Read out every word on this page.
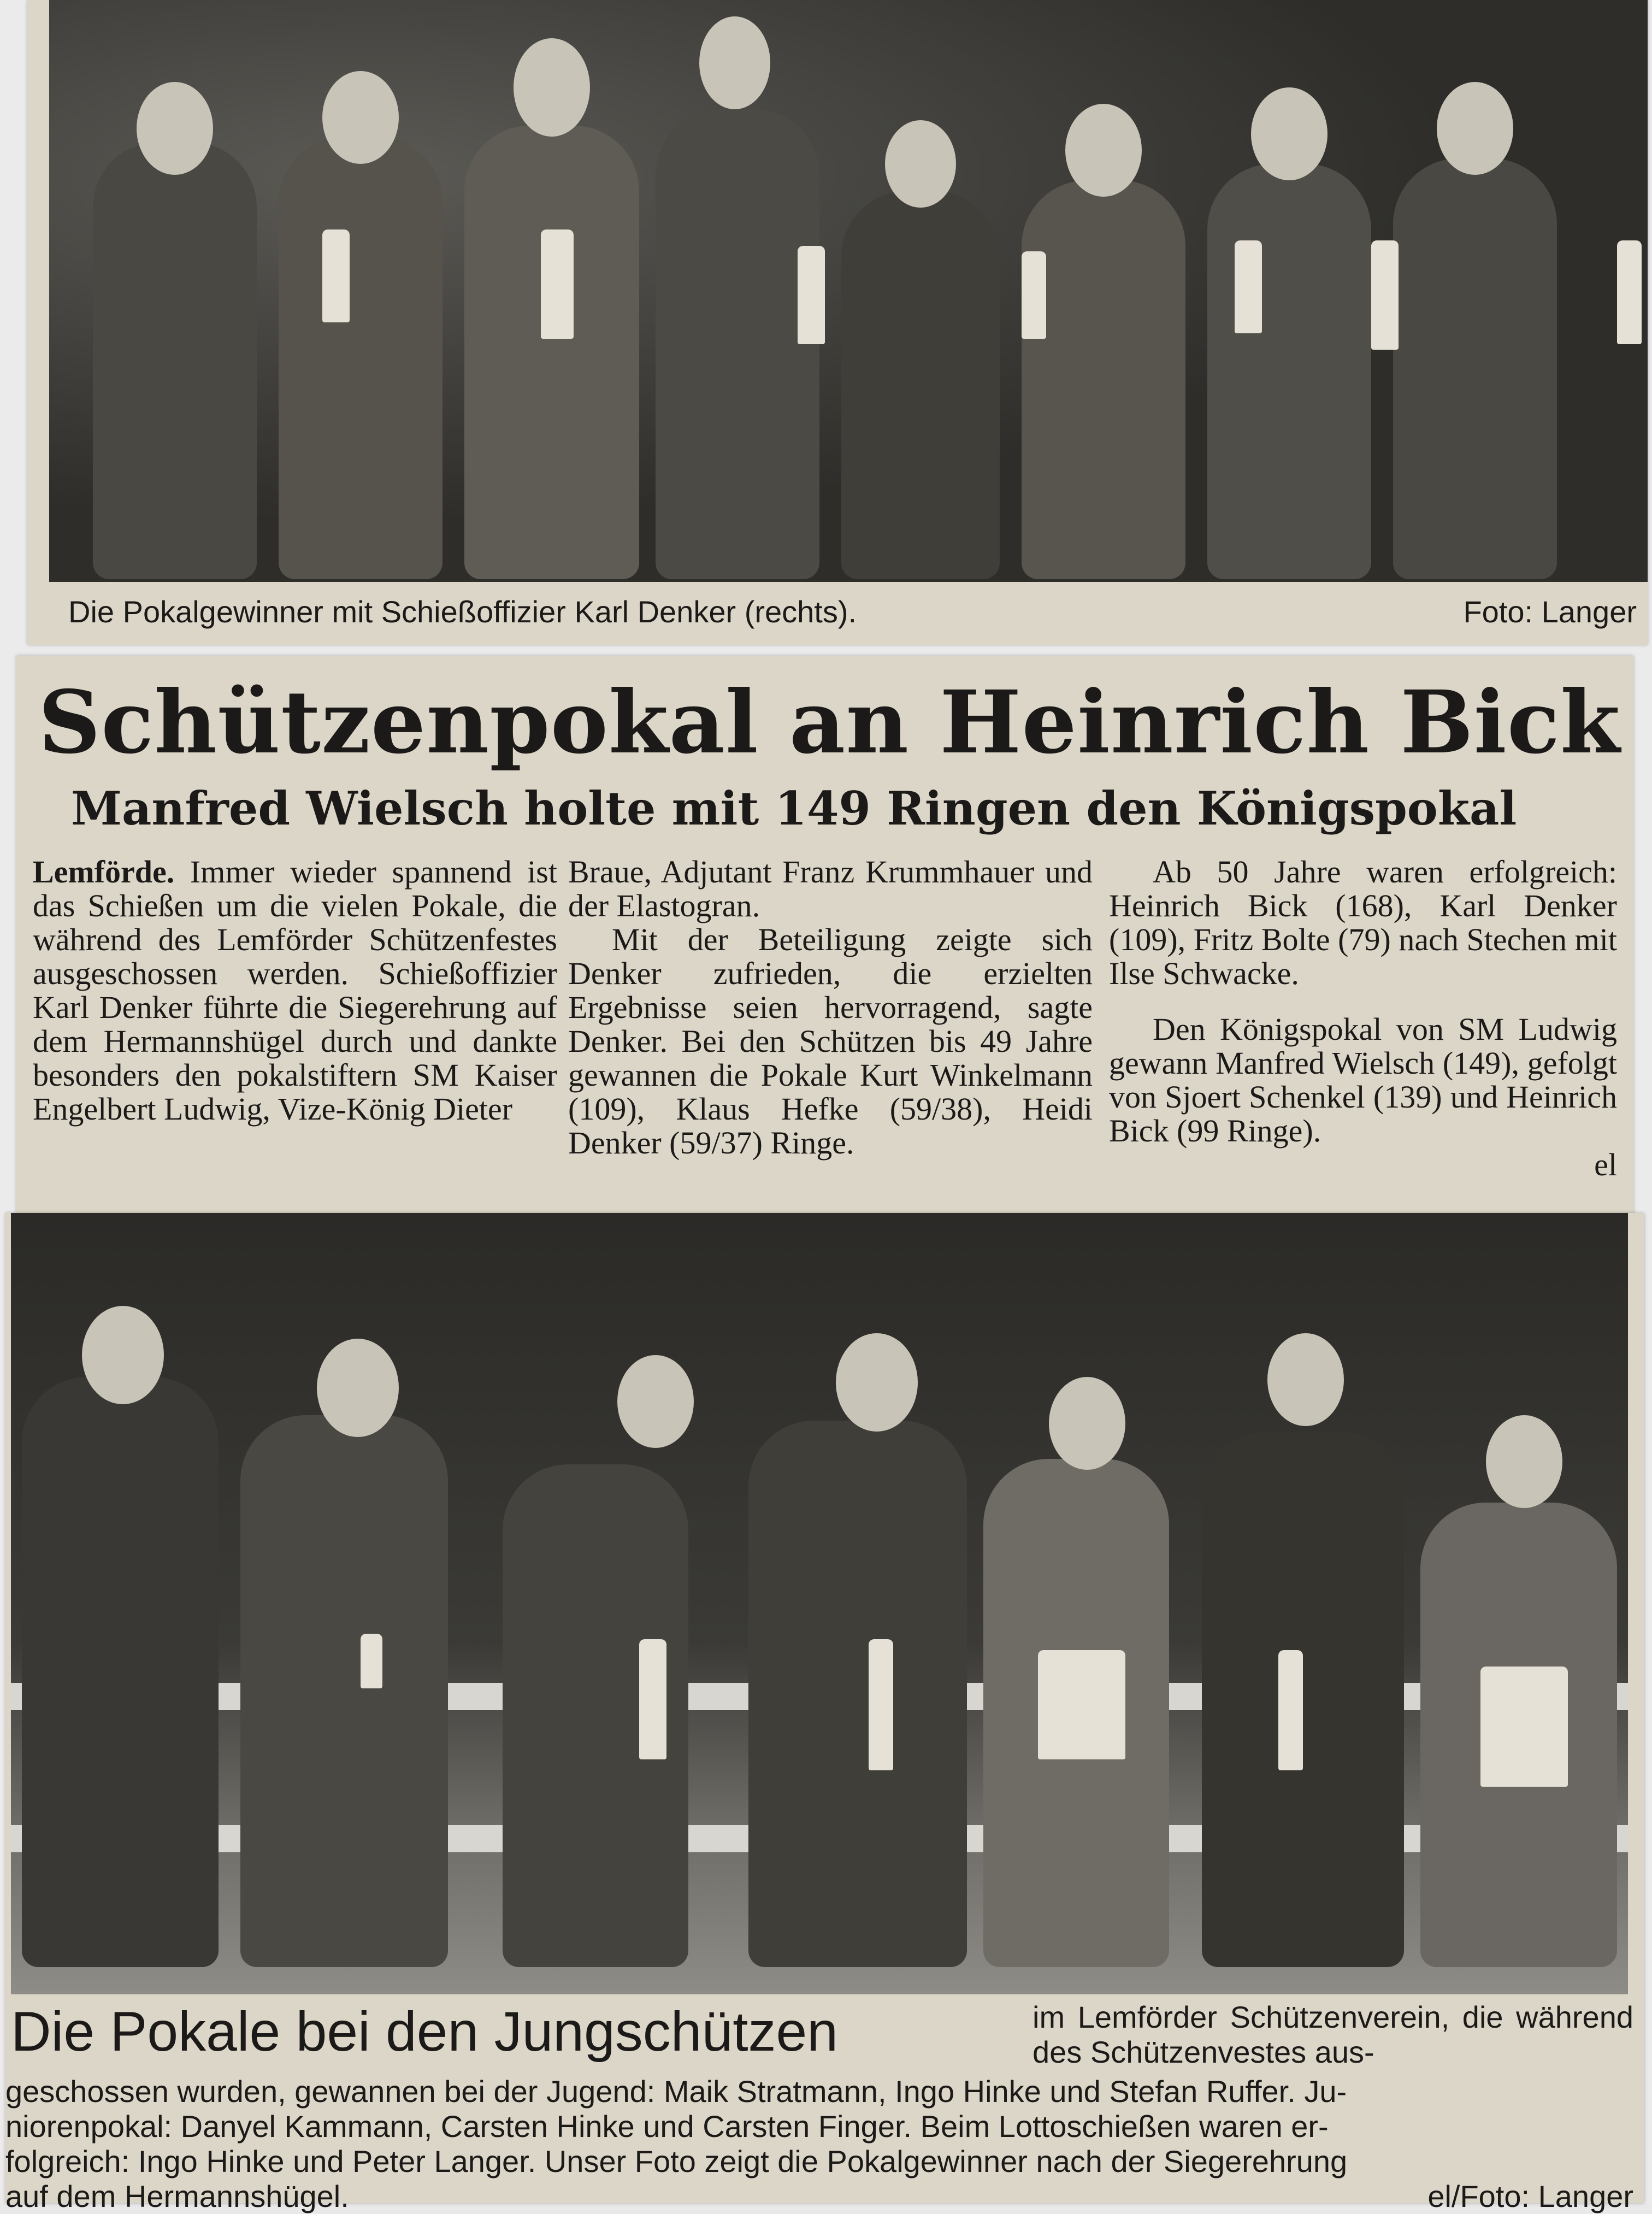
Die Pokalgewinner mit Schießoffizier Karl Denker (rechts).	Foto: Langer
Schützenpokal an Heinrich Bick
Manfred Wielsch holte mit 149 Ringen den Königspokal

Lemförde. Immer wieder spannend ist das Schießen um die vielen Pokale, die während des Lemförder Schützenfestes ausgeschossen werden. Schießoffizier Karl Denker führte die Siegerehrung auf dem Hermannshügel durch und dankte besonders den pokalstiftern SM Kaiser Engelbert Ludwig, Vize-König Dieter

Braue, Adjutant Franz Krummhauer und der Elastogran.

Mit der Beteiligung zeigte sich Denker zufrieden, die erzielten Ergebnisse seien hervorragend, sagte Denker. Bei den Schützen bis 49 Jahre gewannen die Pokale Kurt Winkelmann (109), Klaus Hefke (59/38), Heidi Denker (59/37) Ringe.

Ab 50 Jahre waren erfolgreich: Heinrich Bick (168), Karl Denker (109), Fritz Bolte (79) nach Stechen mit Ilse Schwacke.

Den Königspokal von SM Ludwig gewann Manfred Wielsch (149), gefolgt von Sjoert Schenkel (139) und Heinrich Bick (99 Ringe).

el

Die Pokale bei den Jungschützen	im Lemförder Schützenverein, die während des Schützenvestes aus-
geschossen wurden, gewannen bei der Jugend: Maik Stratmann, Ingo Hinke und Stefan Ruffer. Ju-
niorenpokal: Danyel Kammann, Carsten Hinke und Carsten Finger. Beim Lottoschießen waren er-
folgreich: Ingo Hinke und Peter Langer. Unser Foto zeigt die Pokalgewinner nach der Siegerehrung
auf dem Hermannshügel.	el/Foto: Langer
